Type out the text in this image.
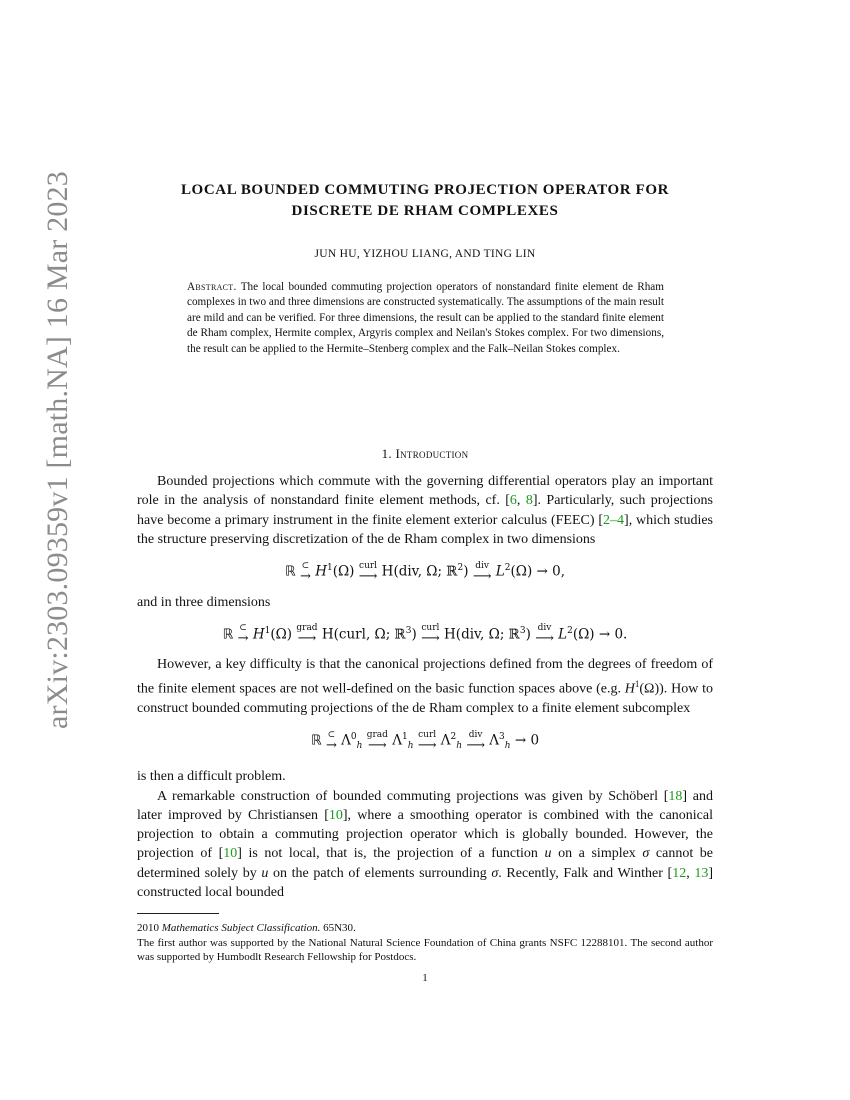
arXiv:2303.09359v1 [math.NA] 16 Mar 2023	LOCAL BOUNDED COMMUTING PROJECTION OPERATOR FOR
DISCRETE DE RHAM COMPLEXES
JUN HU, YIZHOU LIANG, AND TING LIN
Abstract. The local bounded commuting projection operators of nonstandard finite element de Rham complexes in two and three dimensions are constructed systematically. The assumptions of the main result are mild and can be verified. For three dimensions, the result can be applied to the standard finite element de Rham complex, Hermite complex, Argyris complex and Neilan's Stokes complex. For two dimensions, the result can be applied to the Hermite–Stenberg complex and the Falk–Neilan Stokes complex.
1. Introduction

Bounded projections which commute with the governing differential operators play an important role in the analysis of nonstandard finite element methods, cf. [6, 8]. Particularly, such projections have become a primary instrument in the finite element exterior calculus (FEEC) [2–4], which studies the structure preserving discretization of the de Rham complex in two dimensions

ℝ ⊂
→ $H^1(\Omega)$ curl
⟶ H(div, Ω; ℝ$^2$) div
⟶ $L^2(\Omega) \to 0$,

and in three dimensions

ℝ ⊂
→ $H^1(\Omega)$ grad
⟶ H(curl, Ω; ℝ$^3$) curl
⟶ H(div, Ω; ℝ$^3$) div
⟶ $L^2(\Omega) \to 0$.

However, a key difficulty is that the canonical projections defined from the degrees of freedom of the finite element spaces are not well-defined on the basic function spaces above (e.g. $H^1(\Omega)$). How to construct bounded commuting projections of the de Rham complex to a finite element subcomplex

ℝ ⊂
→ $\Lambda^0_h$
grad
⟶ $\Lambda^1_h$
curl
⟶ $\Lambda^2_h$
div
⟶ $\Lambda^3_h \to 0$

is then a difficult problem.

A remarkable construction of bounded commuting projections was given by Schöberl [18] and later improved by Christiansen [10], where a smoothing operator is combined with the canonical projection to obtain a commuting projection operator which is globally bounded. However, the projection of [10] is not local, that is, the projection of a function u on a simplex σ cannot be determined solely by u on the patch of elements surrounding σ. Recently, Falk and Winther [12, 13] constructed local bounded

2010 Mathematics Subject Classification. 65N30.

The first author was supported by the National Natural Science Foundation of China grants NSFC 12288101. The second author was supported by Humbodlt Research Fellowship for Postdocs.

1
